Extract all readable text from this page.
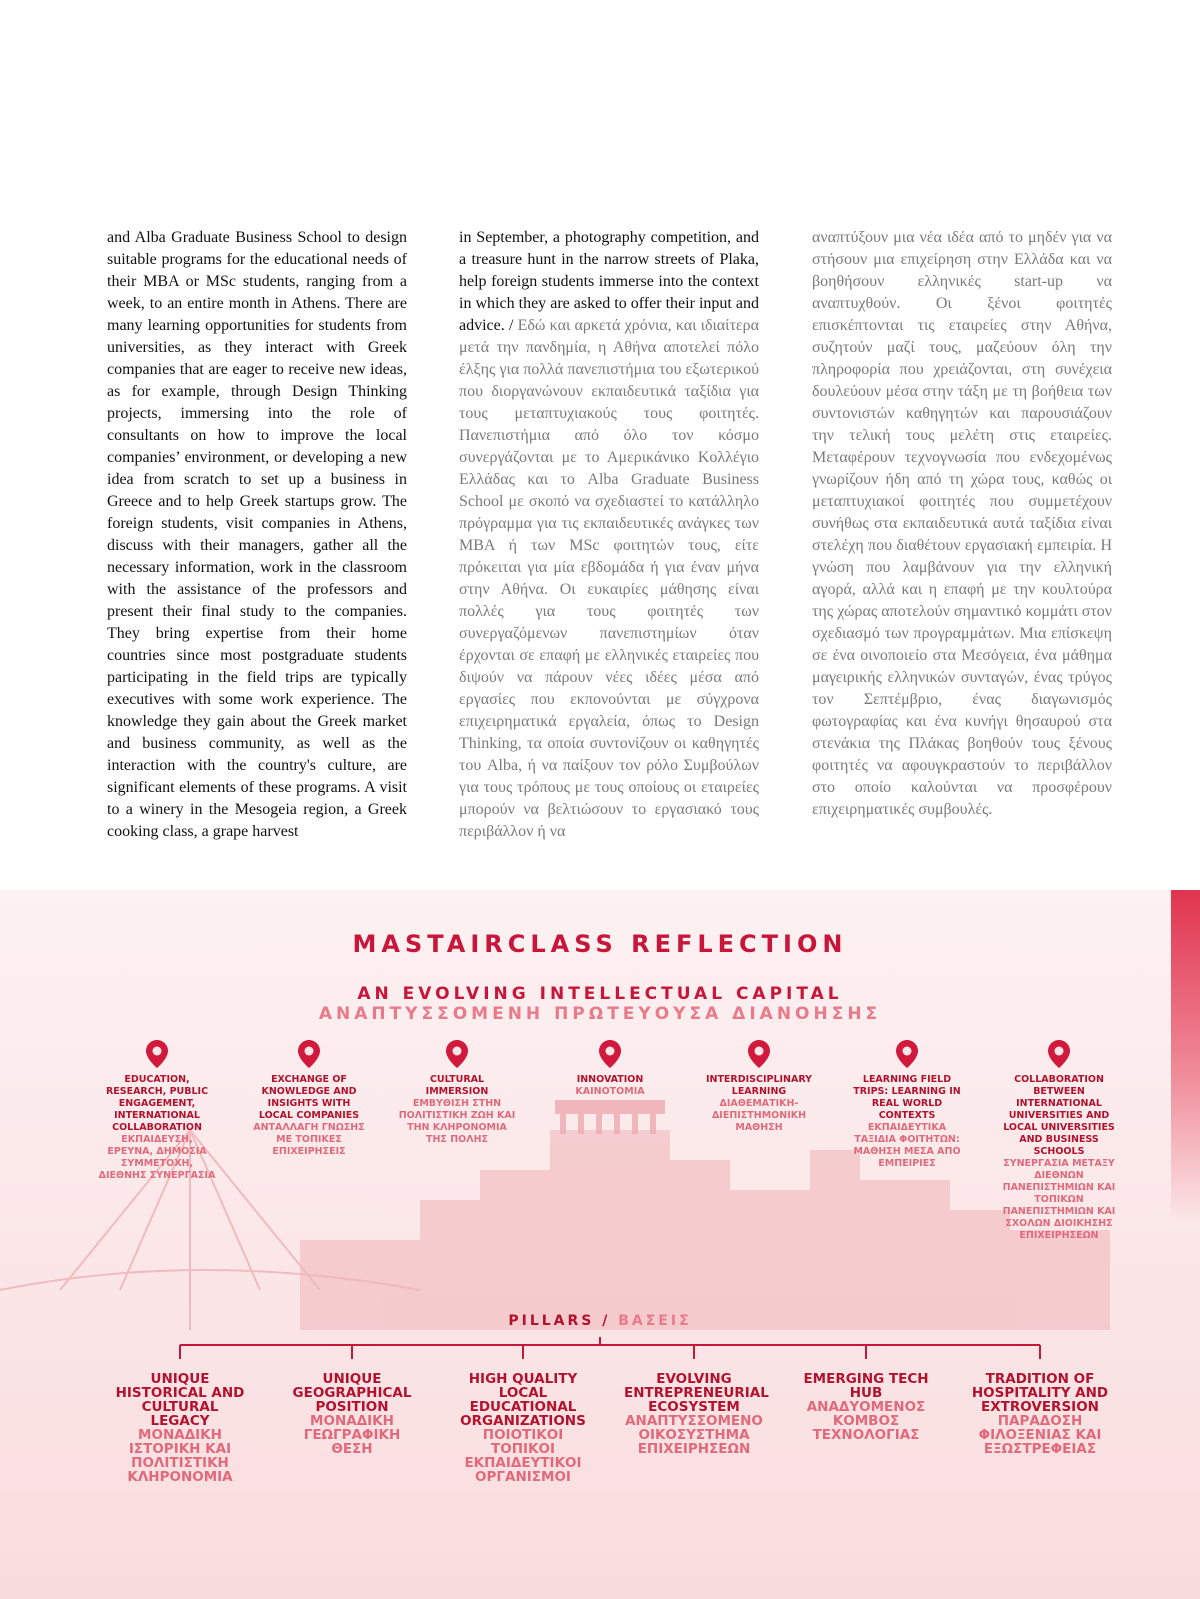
and Alba Graduate Business School to design suitable programs for the educational needs of their MBA or MSc students, ranging from a week, to an entire month in Athens. There are many learning opportunities for students from universities, as they interact with Greek companies that are eager to receive new ideas, as for example, through Design Thinking projects, immersing into the role of consultants on how to improve the local companies’ environment, or developing a new idea from scratch to set up a business in Greece and to help Greek startups grow. The foreign students, visit companies in Athens, discuss with their managers, gather all the necessary information, work in the classroom with the assistance of the professors and present their final study to the companies. They bring expertise from their home countries since most postgraduate students participating in the field trips are typically executives with some work experience. The knowledge they gain about the Greek market and business community, as well as the interaction with the country's culture, are significant elements of these programs. A visit to a winery in the Mesogeia region, a Greek cooking class, a grape harvest

in September, a photography competition, and a treasure hunt in the narrow streets of Plaka, help foreign students immerse into the context in which they are asked to offer their input and advice. / Εδώ και αρκετά χρόνια, και ιδιαίτερα μετά την πανδημία, η Αθήνα αποτελεί πόλο έλξης για πολλά πανεπιστήμια του εξωτερικού που διοργανώνουν εκπαιδευτικά ταξίδια για τους μεταπτυχιακούς τους φοιτητές. Πανεπιστήμια από όλο τον κόσμο συνεργάζονται με το Αμερικάνικο Κολλέγιο Ελλάδας και το Alba Graduate Business School με σκοπό να σχεδιαστεί το κατάλληλο πρόγραμμα για τις εκπαιδευτικές ανάγκες των MBA ή των MSc φοιτητών τους, είτε πρόκειται για μία εβδομάδα ή για έναν μήνα στην Αθήνα. Οι ευκαιρίες μάθησης είναι πολλές για τους φοιτητές των συνεργαζόμενων πανεπιστημίων όταν έρχονται σε επαφή με ελληνικές εταιρείες που διψούν να πάρουν νέες ιδέες μέσα από εργασίες που εκπονούνται με σύγχρονα επιχειρηματικά εργαλεία, όπως το Design Thinking, τα οποία συντονίζουν οι καθηγητές του Alba, ή να παίξουν τον ρόλο Συμβούλων για τους τρόπους με τους οποίους οι εταιρείες μπορούν να βελτιώσουν το εργασιακό τους περιβάλλον ή να

αναπτύξουν μια νέα ιδέα από το μηδέν για να στήσουν μια επιχείρηση στην Ελλάδα και να βοηθήσουν ελληνικές start-up να αναπτυχθούν. Οι ξένοι φοιτητές επισκέπτονται τις εταιρείες στην Αθήνα, συζητούν μαζί τους, μαζεύουν όλη την πληροφορία που χρειάζονται, στη συνέχεια δουλεύουν μέσα στην τάξη με τη βοήθεια των συντονιστών καθηγητών και παρουσιάζουν την τελική τους μελέτη στις εταιρείες. Μεταφέρουν τεχνογνωσία που ενδεχομένως γνωρίζουν ήδη από τη χώρα τους, καθώς οι μεταπτυχιακοί φοιτητές που συμμετέχουν συνήθως στα εκπαιδευτικά αυτά ταξίδια είναι στελέχη που διαθέτουν εργασιακή εμπειρία. Η γνώση που λαμβάνουν για την ελληνική αγορά, αλλά και η επαφή με την κουλτούρα της χώρας αποτελούν σημαντικό κομμάτι στον σχεδιασμό των προγραμμάτων. Μια επίσκεψη σε ένα οινοποιείο στα Μεσόγεια, ένα μάθημα μαγειρικής ελληνικών συνταγών, ένας τρύγος τον Σεπτέμβριο, ένας διαγωνισμός φωτογραφίας και ένα κυνήγι θησαυρού στα στενάκια της Πλάκας βοηθούν τους ξένους φοιτητές να αφουγκραστούν το περιβάλλον στο οποίο καλούνται να προσφέρουν επιχειρηματικές συμβουλές.

MASTAIRCLASS REFLECTION
AN EVOLVING INTELLECTUAL CAPITAL
ΑΝΑΠΤΥΣΣΟΜΕΝΗ ΠΡΩΤΕΥΟΥΣΑ ΔΙΑΝΟΗΣΗΣ
EDUCATION, RESEARCH, PUBLIC ENGAGEMENT, INTERNATIONAL COLLABORATION
ΕΚΠΑΙΔΕΥΣΗ, ΕΡΕΥΝΑ, ΔΗΜΟΣΙΑ ΣΥΜΜΕΤΟΧΗ, ΔΙΕΘΝΗΣ ΣΥΝΕΡΓΑΣΙΑ
EXCHANGE OF KNOWLEDGE AND INSIGHTS WITH LOCAL COMPANIES
ΑΝΤΑΛΛΑΓΗ ΓΝΩΣΗΣ ΜΕ ΤΟΠΙΚΕΣ ΕΠΙΧΕΙΡΗΣΕΙΣ
CULTURAL IMMERSION
ΕΜΒΥΘΙΣΗ ΣΤΗΝ ΠΟΛΙΤΙΣΤΙΚΗ ΖΩΗ ΚΑΙ ΤΗΝ ΚΛΗΡΟΝΟΜΙΑ ΤΗΣ ΠΟΛΗΣ
INNOVATION
ΚΑΙΝΟΤΟΜΙΑ
INTERDISCIPLINARY LEARNING
ΔΙΑΘΕΜΑΤΙΚΗ-ΔΙΕΠΙΣΤΗΜΟΝΙΚΗ ΜΑΘΗΣΗ
LEARNING FIELD TRIPS: LEARNING IN REAL WORLD CONTEXTS
ΕΚΠΑΙΔΕΥΤΙΚΑ ΤΑΞΙΔΙΑ ΦΟΙΤΗΤΩΝ: ΜΑΘΗΣΗ ΜΕΣΑ ΑΠΟ ΕΜΠΕΙΡΙΕΣ
COLLABORATION BETWEEN INTERNATIONAL UNIVERSITIES AND LOCAL UNIVERSITIES AND BUSINESS SCHOOLS
ΣΥΝΕΡΓΑΣΙΑ ΜΕΤΑΞΥ ΔΙΕΘΝΩΝ ΠΑΝΕΠΙΣΤΗΜΙΩΝ ΚΑΙ ΤΟΠΙΚΩΝ ΠΑΝΕΠΙΣΤΗΜΙΩΝ ΚΑΙ ΣΧΟΛΩΝ ΔΙΟΙΚΗΣΗΣ ΕΠΙΧΕΙΡΗΣΕΩΝ
PILLARS / ΒΑΣΕΙΣ
UNIQUE HISTORICAL AND CULTURAL LEGACY
ΜΟΝΑΔΙΚΗ ΙΣΤΟΡΙΚΗ ΚΑΙ ΠΟΛΙΤΙΣΤΙΚΗ ΚΛΗΡΟΝΟΜΙΑ
UNIQUE GEOGRAPHICAL POSITION
ΜΟΝΑΔΙΚΗ ΓΕΩΓΡΑΦΙΚΗ ΘΕΣΗ
HIGH QUALITY LOCAL EDUCATIONAL ORGANIZATIONS
ΠΟΙΟΤΙΚΟΙ ΤΟΠΙΚΟΙ ΕΚΠΑΙΔΕΥΤΙΚΟΙ ΟΡΓΑΝΙΣΜΟΙ
EVOLVING ENTREPRENEURIAL ECOSYSTEM
ΑΝΑΠΤΥΣΣΟΜΕΝΟ ΟΙΚΟΣΥΣΤΗΜΑ ΕΠΙΧΕΙΡΗΣΕΩΝ
EMERGING TECH HUB
ΑΝΑΔΥΟΜΕΝΟΣ ΚΟΜΒΟΣ ΤΕΧΝΟΛΟΓΙΑΣ
TRADITION OF HOSPITALITY AND EXTROVERSION
ΠΑΡΑΔΟΣΗ ΦΙΛΟΞΕΝΙΑΣ ΚΑΙ ΕΞΩΣΤΡΕΦΕΙΑΣ
